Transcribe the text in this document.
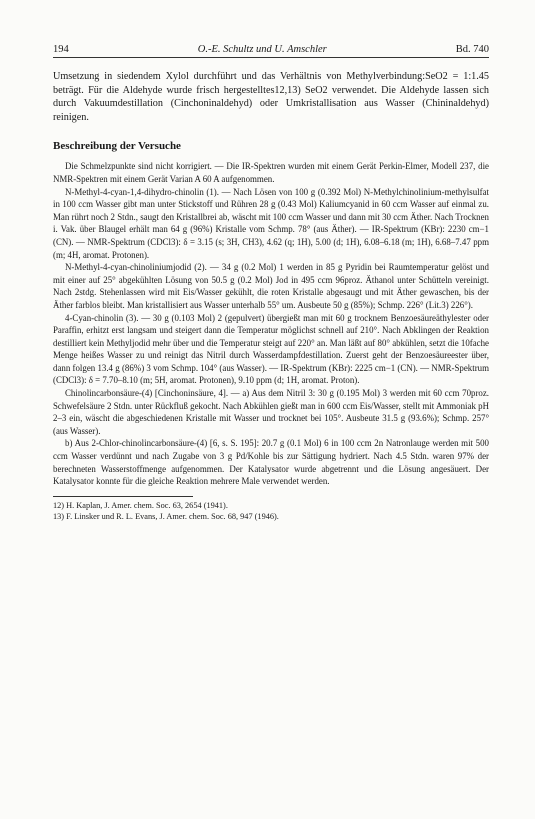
194	O.-E. Schultz und U. Amschler	Bd. 740

Umsetzung in siedendem Xylol durchführt und das Verhältnis von Methylverbindung:SeO2 = 1:1.45 beträgt. Für die Aldehyde wurde frisch hergestelltes12,13) SeO2 verwendet. Die Aldehyde lassen sich durch Vakuumdestillation (Cinchoninaldehyd) oder Umkristallisation aus Wasser (Chininaldehyd) reinigen.

Beschreibung der Versuche

Die Schmelzpunkte sind nicht korrigiert. — Die IR-Spektren wurden mit einem Gerät Perkin-Elmer, Modell 237, die NMR-Spektren mit einem Gerät Varian A 60 A aufgenommen.

N-Methyl-4-cyan-1,4-dihydro-chinolin (1). — Nach Lösen von 100 g (0.392 Mol) N-Methylchinolinium-methylsulfat in 100 ccm Wasser gibt man unter Stickstoff und Rühren 28 g (0.43 Mol) Kaliumcyanid in 60 ccm Wasser auf einmal zu. Man rührt noch 2 Stdn., saugt den Kristallbrei ab, wäscht mit 100 ccm Wasser und dann mit 30 ccm Äther. Nach Trocknen i. Vak. über Blaugel erhält man 64 g (96%) Kristalle vom Schmp. 78° (aus Äther). — IR-Spektrum (KBr): 2230 cm−1 (CN). — NMR-Spektrum (CDCl3): δ = 3.15 (s; 3H, CH3), 4.62 (q; 1H), 5.00 (d; 1H), 6.08–6.18 (m; 1H), 6.68–7.47 ppm (m; 4H, aromat. Protonen).

N-Methyl-4-cyan-chinoliniumjodid (2). — 34 g (0.2 Mol) 1 werden in 85 g Pyridin bei Raumtemperatur gelöst und mit einer auf 25° abgekühlten Lösung von 50.5 g (0.2 Mol) Jod in 495 ccm 96proz. Äthanol unter Schütteln vereinigt. Nach 2stdg. Stehenlassen wird mit Eis/Wasser gekühlt, die roten Kristalle abgesaugt und mit Äther gewaschen, bis der Äther farblos bleibt. Man kristallisiert aus Wasser unterhalb 55° um. Ausbeute 50 g (85%); Schmp. 226° (Lit.3) 226°).

4-Cyan-chinolin (3). — 30 g (0.103 Mol) 2 (gepulvert) übergießt man mit 60 g trocknem Benzoesäureäthylester oder Paraffin, erhitzt erst langsam und steigert dann die Temperatur möglichst schnell auf 210°. Nach Abklingen der Reaktion destilliert kein Methyljodid mehr über und die Temperatur steigt auf 220° an. Man läßt auf 80° abkühlen, setzt die 10fache Menge heißes Wasser zu und reinigt das Nitril durch Wasserdampfdestillation. Zuerst geht der Benzoesäureester über, dann folgen 13.4 g (86%) 3 vom Schmp. 104° (aus Wasser). — IR-Spektrum (KBr): 2225 cm−1 (CN). — NMR-Spektrum (CDCl3): δ = 7.70–8.10 (m; 5H, aromat. Protonen), 9.10 ppm (d; 1H, aromat. Proton).

Chinolincarbonsäure-(4) [Cinchoninsäure, 4]. — a) Aus dem Nitril 3: 30 g (0.195 Mol) 3 werden mit 60 ccm 70proz. Schwefelsäure 2 Stdn. unter Rückfluß gekocht. Nach Abkühlen gießt man in 600 ccm Eis/Wasser, stellt mit Ammoniak pH 2–3 ein, wäscht die abgeschiedenen Kristalle mit Wasser und trocknet bei 105°. Ausbeute 31.5 g (93.6%); Schmp. 257° (aus Wasser).

b) Aus 2-Chlor-chinolincarbonsäure-(4) [6, s. S. 195]: 20.7 g (0.1 Mol) 6 in 100 ccm 2n Natronlauge werden mit 500 ccm Wasser verdünnt und nach Zugabe von 3 g Pd/Kohle bis zur Sättigung hydriert. Nach 4.5 Stdn. waren 97% der berechneten Wasserstoffmenge aufgenommen. Der Katalysator wurde abgetrennt und die Lösung angesäuert. Der Katalysator konnte für die gleiche Reaktion mehrere Male verwendet werden.

12) H. Kaplan, J. Amer. chem. Soc. 63, 2654 (1941).
13) F. Linsker und R. L. Evans, J. Amer. chem. Soc. 68, 947 (1946).
